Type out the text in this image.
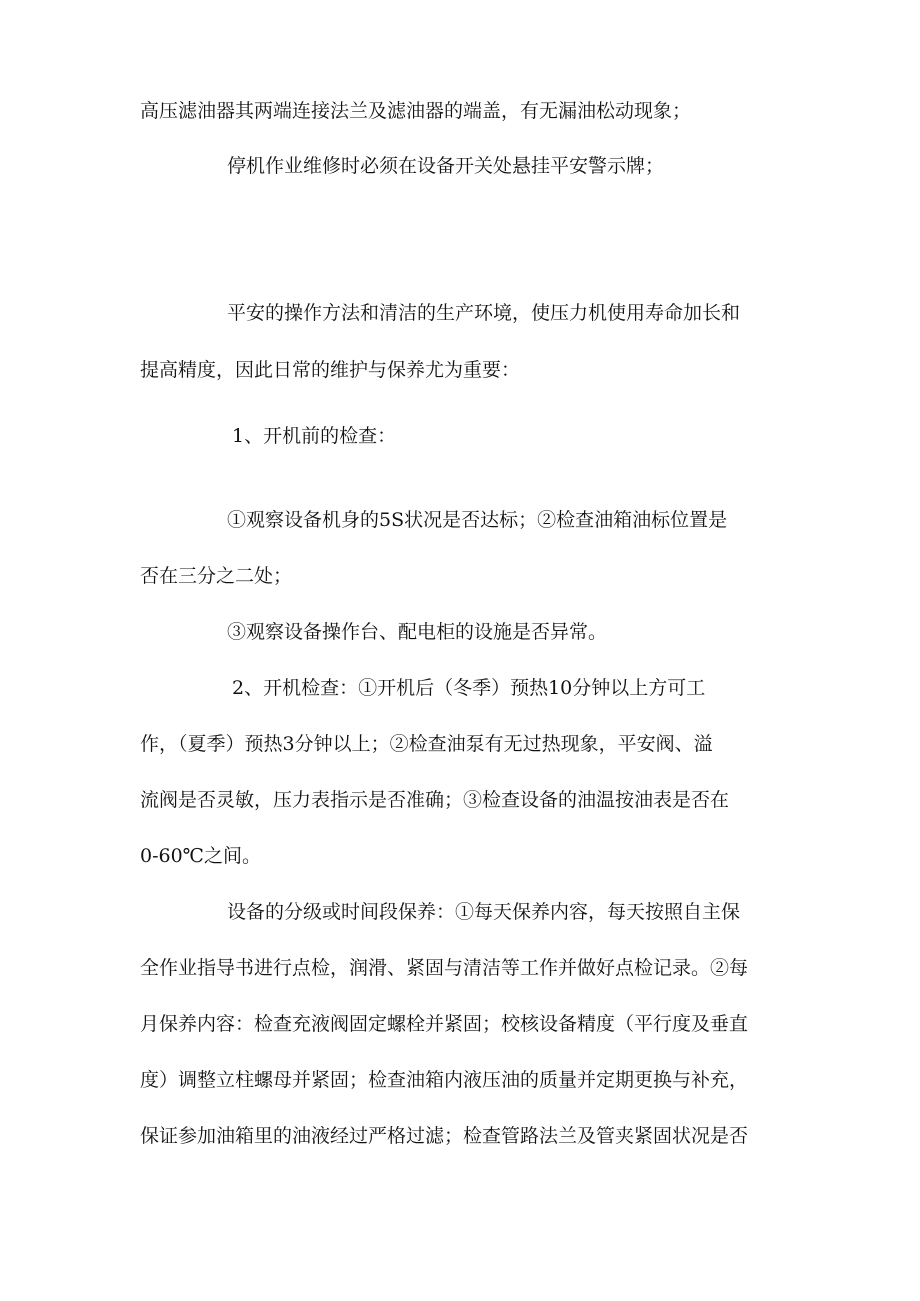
高压滤油器其两端连接法兰及滤油器的端盖，有无漏油松动现象；
停机作业维修时必须在设备开关处悬挂平安警示牌；
平安的操作方法和清洁的生产环境，使压力机使用寿命加长和
提高精度，因此日常的维护与保养尤为重要：
1、开机前的检查：
①观察设备机身的5S状况是否达标；②检查油箱油标位置是
否在三分之二处；
③观察设备操作台、配电柜的设施是否异常。
2、开机检查：①开机后（冬季）预热10分钟以上方可工
作，（夏季）预热3分钟以上；②检查油泵有无过热现象，平安阀、溢
流阀是否灵敏，压力表指示是否准确；③检查设备的油温按油表是否在
0-60℃之间。
设备的分级或时间段保养：①每天保养内容，每天按照自主保
全作业指导书进行点检，润滑、紧固与清洁等工作并做好点检记录。②每
月保养内容：检查充液阀固定螺栓并紧固；校核设备精度（平行度及垂直
度）调整立柱螺母并紧固；检查油箱内液压油的质量并定期更换与补充，
保证参加油箱里的油液经过严格过滤；检查管路法兰及管夹紧固状况是否
